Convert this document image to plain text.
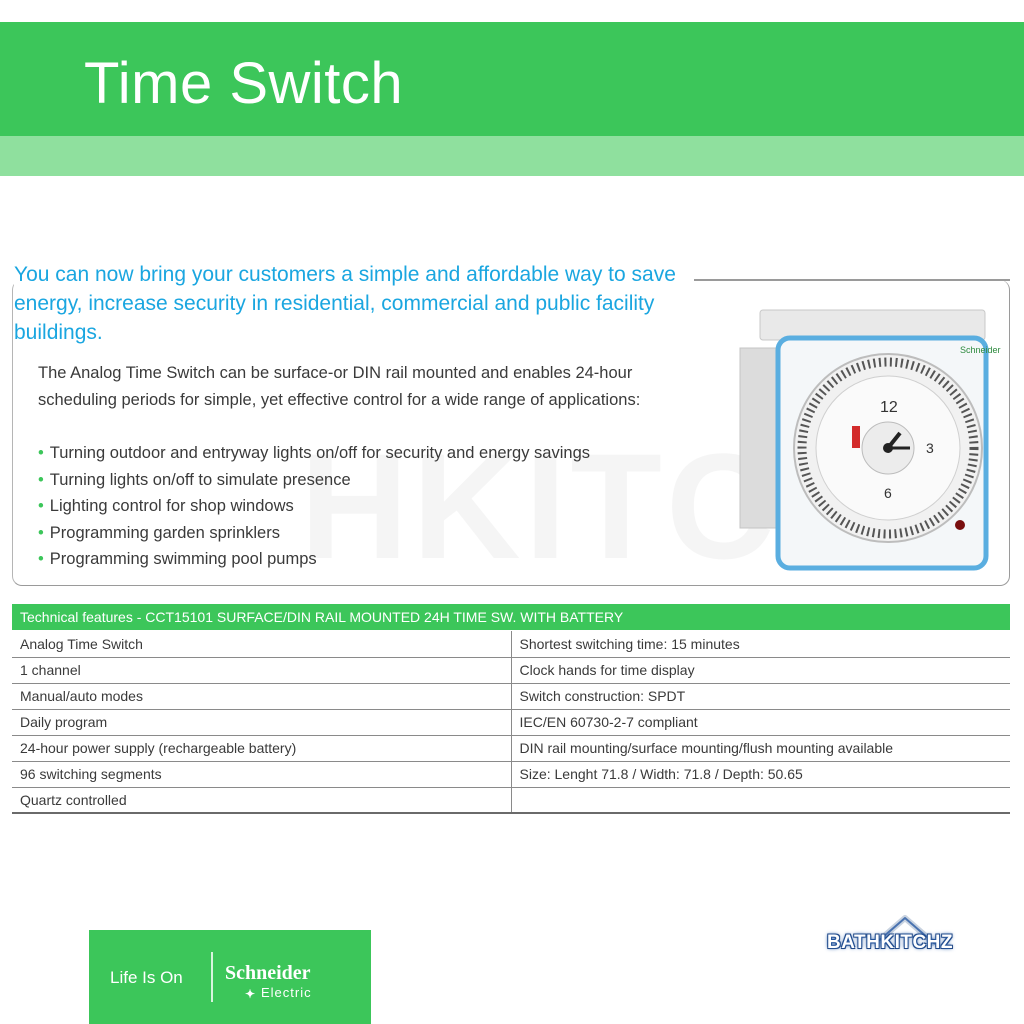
Time Switch
You can now bring your customers a simple and affordable way to save energy, increase security in residential, commercial and public facility buildings.
The Analog Time Switch can be surface-or DIN rail mounted and enables 24-hour scheduling periods for simple, yet effective control for a wide range of applications:
• Turning outdoor and entryway lights on/off for security and energy savings
• Turning lights on/off to simulate presence
• Lighting control for shop windows
• Programming garden sprinklers
• Programming swimming pool pumps
Schneider
12
3
6
Technical features - CCT15101 SURFACE/DIN RAIL MOUNTED 24H TIME SW. WITH BATTERY
Analog Time Switch	Shortest switching time: 15 minutes
1 channel	Clock hands for time display
Manual/auto modes	Switch construction: SPDT
Daily program	IEC/EN 60730-2-7 compliant
24-hour power supply (rechargeable battery)	DIN rail mounting/surface mounting/flush mounting available
96 switching segments	Size: Lenght 71.8 / Width: 71.8 / Depth: 50.65
Quartz controlled	
Life Is On Schneider
✦ Electric
BATHKITCHZ
